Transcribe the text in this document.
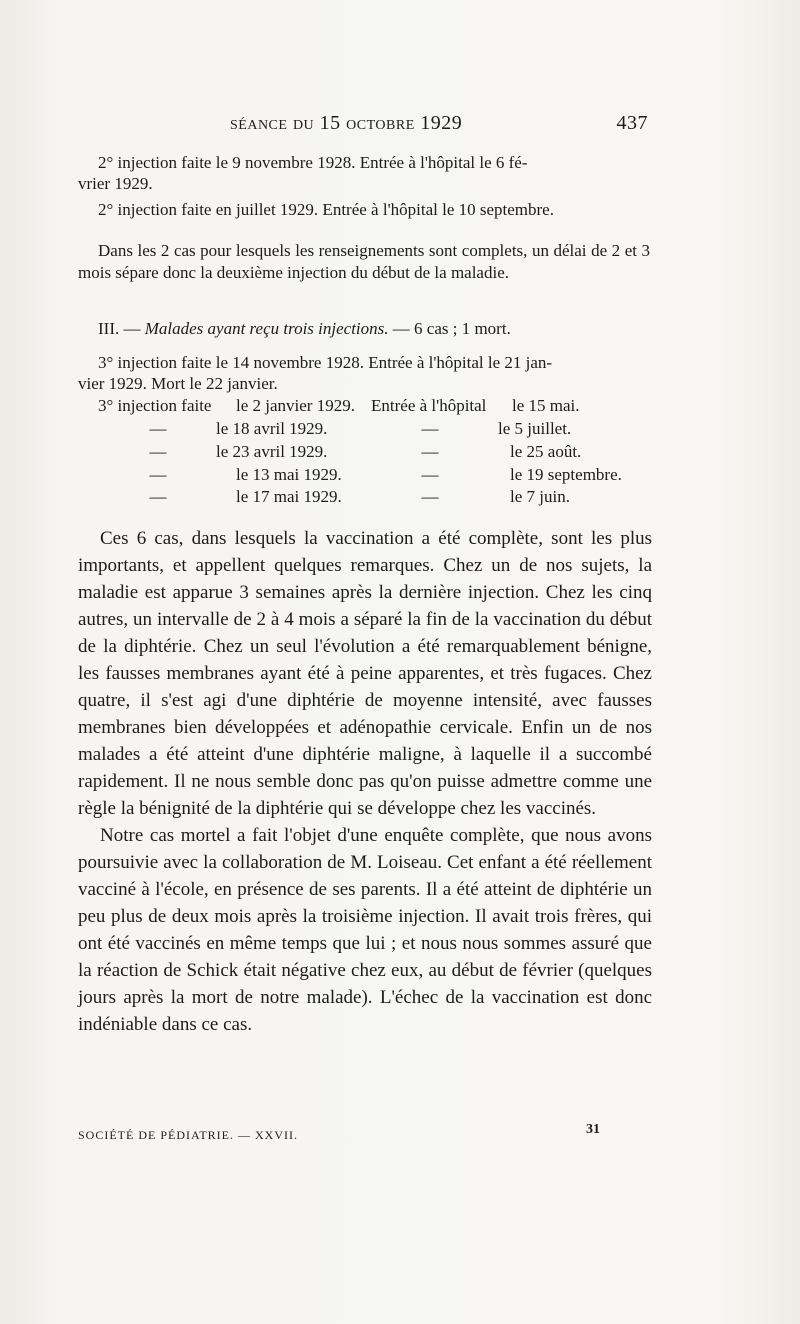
séance du 15 octobre 1929	437

2° injection faite le 9 novembre 1928. Entrée à l'hôpital le 6 fé-

vrier 1929.

2° injection faite en juillet 1929. Entrée à l'hôpital le 10 septembre.

Dans les 2 cas pour lesquels les renseignements sont complets, un délai de 2 et 3 mois sépare donc la deuxième injection du début de la maladie.

III. — Malades ayant reçu trois injections. — 6 cas ; 1 mort.

3° injection faite le 14 novembre 1928. Entrée à l'hôpital le 21 jan-

vier 1929. Mort le 22 janvier.

3° injection faite le 2 janvier 1929. Entrée à l'hôpital le 15 mai.
—	le 18 avril 1929.	—	le 5 juillet.
—	le 23 avril 1929.	—	le 25 août.
—	le 13 mai 1929.	—	le 19 septembre.
—	le 17 mai 1929.	—	le 7 juin.

Ces 6 cas, dans lesquels la vaccination a été complète, sont les plus importants, et appellent quelques remarques. Chez un de nos sujets, la maladie est apparue 3 semaines après la dernière injection. Chez les cinq autres, un intervalle de 2 à 4 mois a séparé la fin de la vaccination du début de la diphtérie. Chez un seul l'évolution a été remarquablement bénigne, les fausses membranes ayant été à peine apparentes, et très fugaces. Chez quatre, il s'est agi d'une diphtérie de moyenne intensité, avec fausses membranes bien développées et adénopathie cervicale. Enfin un de nos malades a été atteint d'une diphtérie maligne, à laquelle il a succombé rapidement. Il ne nous semble donc pas qu'on puisse admettre comme une règle la bénignité de la diphtérie qui se développe chez les vaccinés.

Notre cas mortel a fait l'objet d'une enquête complète, que nous avons poursuivie avec la collaboration de M. Loiseau. Cet enfant a été réellement vacciné à l'école, en présence de ses parents. Il a été atteint de diphtérie un peu plus de deux mois après la troisième injection. Il avait trois frères, qui ont été vaccinés en même temps que lui ; et nous nous sommes assuré que la réaction de Schick était négative chez eux, au début de février (quelques jours après la mort de notre malade). L'échec de la vaccination est donc indéniable dans ce cas.

SOCIÉTÉ DE PÉDIATRIE. — XXVII.	31
